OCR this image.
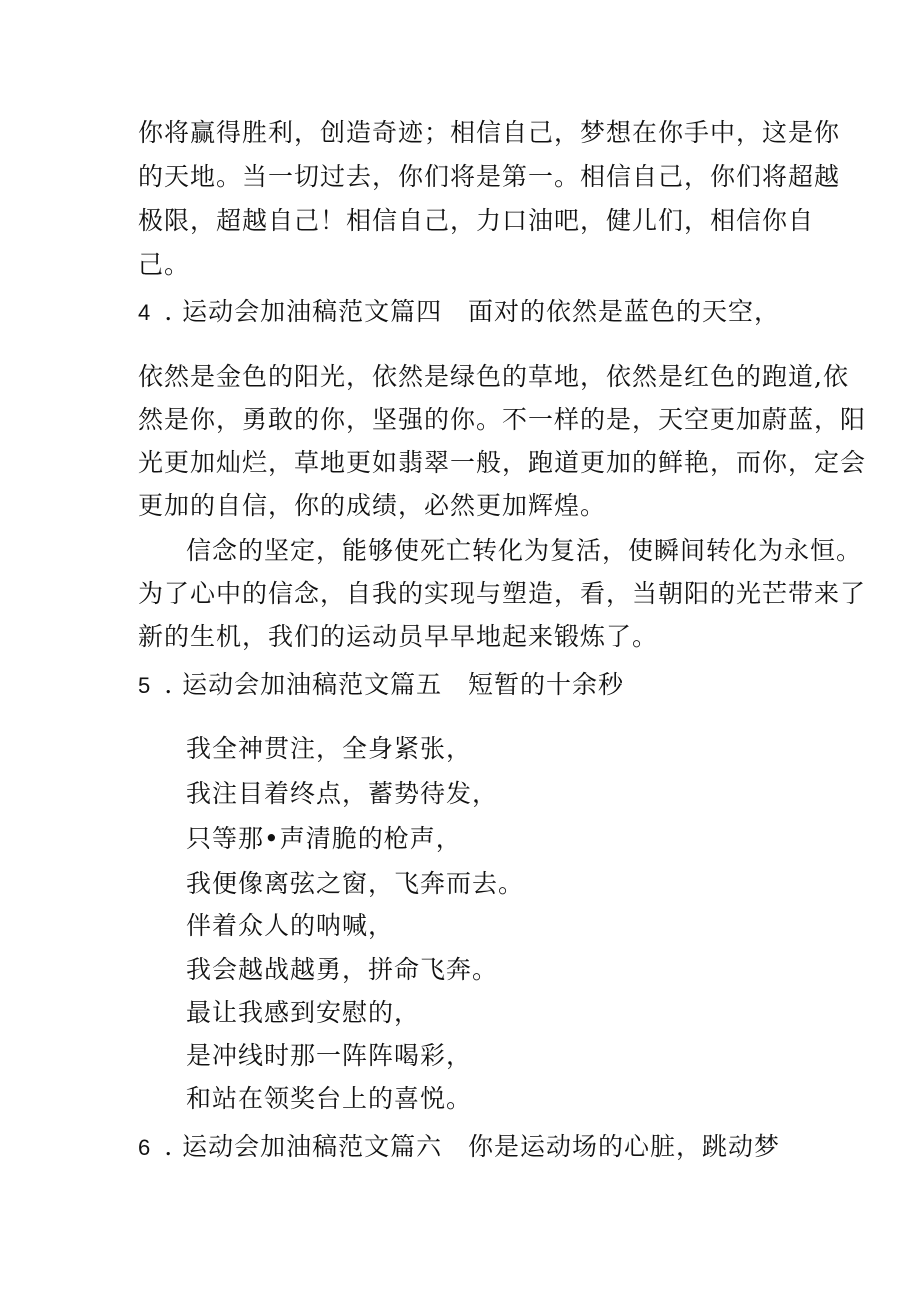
你将赢得胜利，创造奇迹；相信自己，梦想在你手中，这是你
的天地。当一切过去，你们将是第一。相信自己，你们将超越
极限，超越自己！相信自己，力口油吧，健儿们，相信你自
己。
4 . 运动会加油稿范文篇四 面对的依然是蓝色的天空，
依然是金色的阳光，依然是绿色的草地，依然是红色的跑道,依
然是你，勇敢的你，坚强的你。不一样的是，天空更加蔚蓝，阳
光更加灿烂，草地更如翡翠一般，跑道更加的鲜艳，而你，定会
更加的自信，你的成绩，必然更加辉煌。
信念的坚定，能够使死亡转化为复活，使瞬间转化为永恒。
为了心中的信念，自我的实现与塑造，看，当朝阳的光芒带来了
新的生机，我们的运动员早早地起来锻炼了。
5 . 运动会加油稿范文篇五 短暂的十余秒
我全神贯注，全身紧张，
我注目着终点，蓄势待发，
只等那•声清脆的枪声，
我便像离弦之窗，飞奔而去。
伴着众人的呐喊，
我会越战越勇，拼命飞奔。
最让我感到安慰的，
是冲线时那一阵阵喝彩，
和站在领奖台上的喜悦。
6 . 运动会加油稿范文篇六 你是运动场的心脏，跳动梦
